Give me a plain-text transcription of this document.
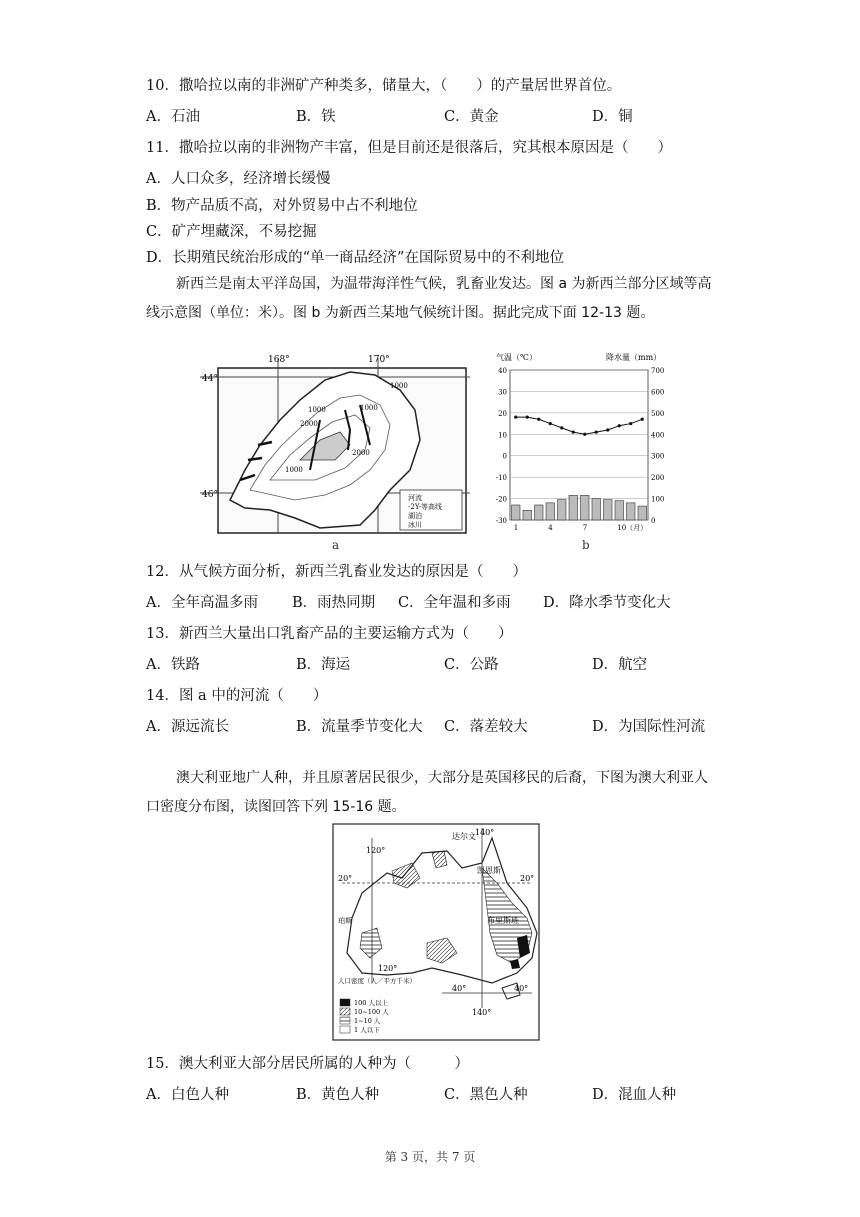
10．撒哈拉以南的非洲矿产种类多，储量大，（　　）的产量居世界首位。
A．石油	B．铁	C．黄金	D．铜
11．撒哈拉以南的非洲物产丰富，但是目前还是很落后，究其根本原因是（　　）
A．人口众多，经济增长缓慢
B．物产品质不高，对外贸易中占不利地位
C．矿产埋藏深，不易挖掘
D．长期殖民统治形成的“单一商品经济”在国际贸易中的不利地位
新西兰是南太平洋岛国，为温带海洋性气候，乳畜业发达。图 a 为新西兰部分区域等高线示意图（单位：米）。图 b 为新西兰某地气候统计图。据此完成下面 12-13 题。
44°
46°
168°	170°
1000
1000
2000
1000
2000
1000
河流
-2Y-等高线
湖泊
冰川
a
气温（℃）	降水量（mm）
40	700
30	600
20	500
10	400
0	300
-10	200
-20	100
-30	0
1	4	7	10（月）
b
12．从气候方面分析，新西兰乳畜业发达的原因是（　　）
A．全年高温多雨 B．雨热同期 C．全年温和多雨 D．降水季节变化大
13．新西兰大量出口乳畜产品的主要运输方式为（　　）
A．铁路	B．海运	C．公路	D．航空
14．图 a 中的河流（　　）
A．源远流长	B．流量季节变化大 C．落差较大	D．为国际性河流
澳大利亚地广人种，并且原著居民很少，大部分是英国移民的后裔，下图为澳大利亚人口密度分布图，读图回答下列 15-16 题。
120°
140°
120°
140°
20°	20°
40°	40°
达尔文
凯恩斯
布里斯班
珀斯
人口密度（人／平方千米）
100 人以上
10~100 人
1~10 人
1 人以下
15．澳大利亚大部分居民所属的人种为（　　　）
A．白色人种	B．黄色人种	C．黑色人种	D．混血人种
第 3 页，共 7 页
